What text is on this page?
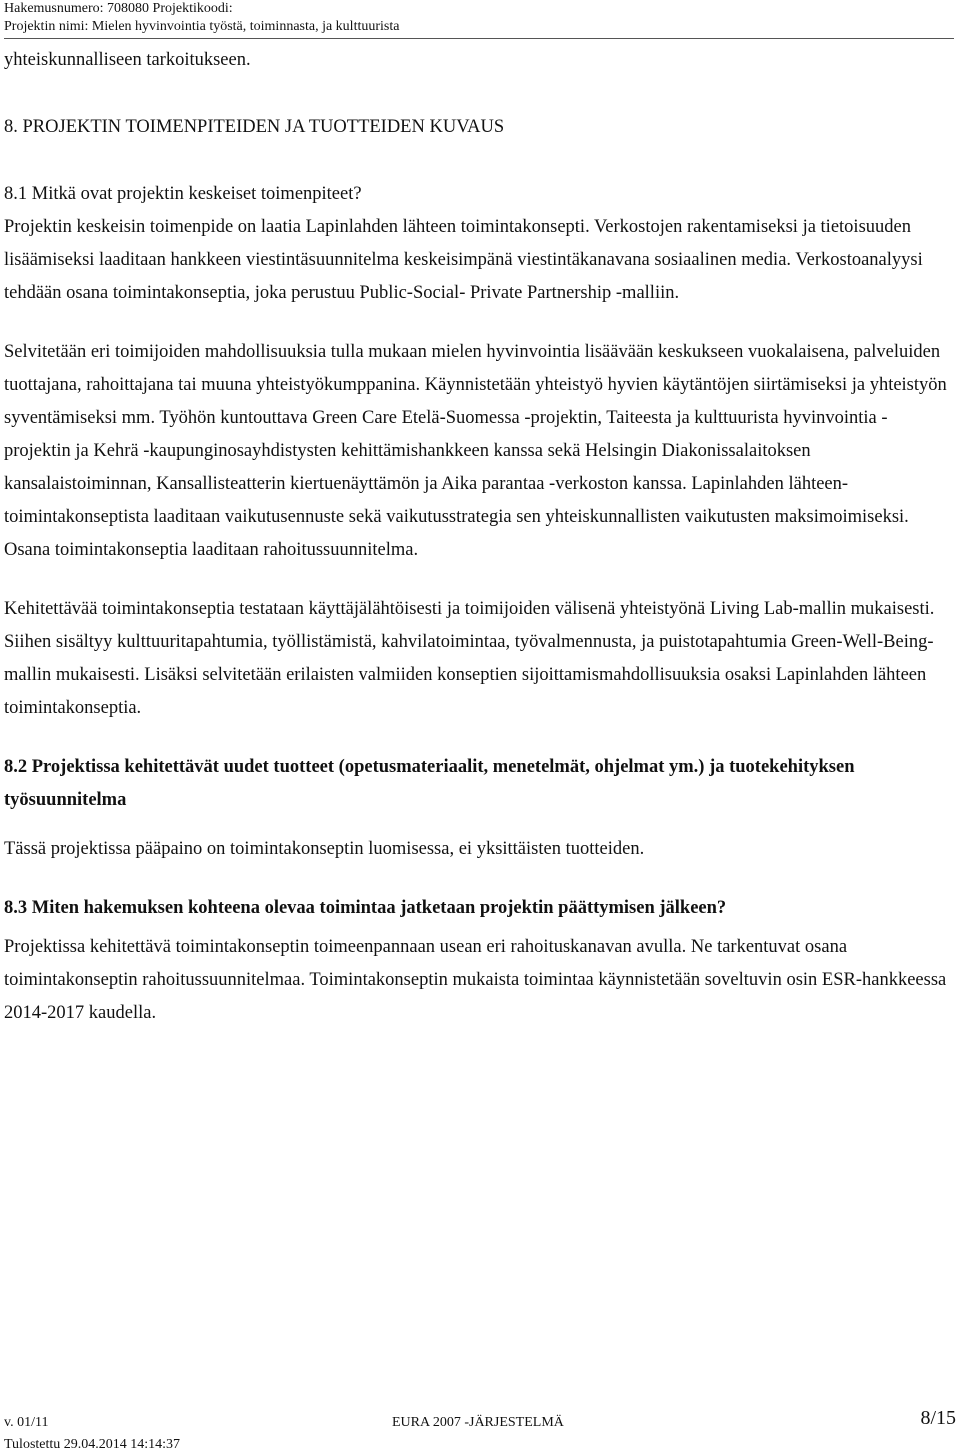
Hakemusnumero: 708080 Projektikoodi:
Projektin nimi: Mielen hyvinvointia työstä, toiminnasta, ja kulttuurista

yhteiskunnalliseen tarkoitukseen.

8. PROJEKTIN TOIMENPITEIDEN JA TUOTTEIDEN KUVAUS

8.1 Mitkä ovat projektin keskeiset toimenpiteet?

Projektin keskeisin toimenpide on laatia Lapinlahden lähteen toimintakonsepti. Verkostojen rakentamiseksi ja tietoisuuden lisäämiseksi laaditaan hankkeen viestintäsuunnitelma keskeisimpänä viestintäkanavana sosiaalinen media. Verkostoanalyysi tehdään osana toimintakonseptia, joka perustuu Public-Social- Private Partnership -malliin.

Selvitetään eri toimijoiden mahdollisuuksia tulla mukaan mielen hyvinvointia lisäävään keskukseen vuokalaisena, palveluiden tuottajana, rahoittajana tai muuna yhteistyökumppanina. Käynnistetään yhteistyö hyvien käytäntöjen siirtämiseksi ja yhteistyön syventämiseksi mm. Työhön kuntouttava Green Care Etelä-Suomessa -projektin, Taiteesta ja kulttuurista hyvinvointia -projektin ja Kehrä -kaupunginosayhdistysten kehittämishankkeen kanssa sekä Helsingin Diakonissalaitoksen kansalaistoiminnan, Kansallisteatterin kiertuenäyttämön ja Aika parantaa -verkoston kanssa. Lapinlahden lähteen-toimintakonseptista laaditaan vaikutusennuste sekä vaikutusstrategia sen yhteiskunnallisten vaikutusten maksimoimiseksi. Osana toimintakonseptia laaditaan rahoitussuunnitelma.

Kehitettävää toimintakonseptia testataan käyttäjälähtöisesti ja toimijoiden välisenä yhteistyönä Living Lab-mallin mukaisesti. Siihen sisältyy kulttuuritapahtumia, työllistämistä, kahvilatoimintaa, työvalmennusta, ja puistotapahtumia Green-Well-Being- mallin mukaisesti. Lisäksi selvitetään erilaisten valmiiden konseptien sijoittamismahdollisuuksia osaksi Lapinlahden lähteen toimintakonseptia.

8.2 Projektissa kehitettävät uudet tuotteet (opetusmateriaalit, menetelmät, ohjelmat ym.) ja tuotekehityksen työsuunnitelma

Tässä projektissa pääpaino on toimintakonseptin luomisessa, ei yksittäisten tuotteiden.

8.3 Miten hakemuksen kohteena olevaa toimintaa jatketaan projektin päättymisen jälkeen?

Projektissa kehitettävä toimintakonseptin toimeenpannaan usean eri rahoituskanavan avulla. Ne tarkentuvat osana toimintakonseptin rahoitussuunnitelmaa. Toimintakonseptin mukaista toimintaa käynnistetään soveltuvin osin ESR-hankkeessa 2014-2017 kaudella.

v. 01/11	EURA 2007 -JÄRJESTELMÄ	8/15
Tulostettu 29.04.2014 14:14:37
